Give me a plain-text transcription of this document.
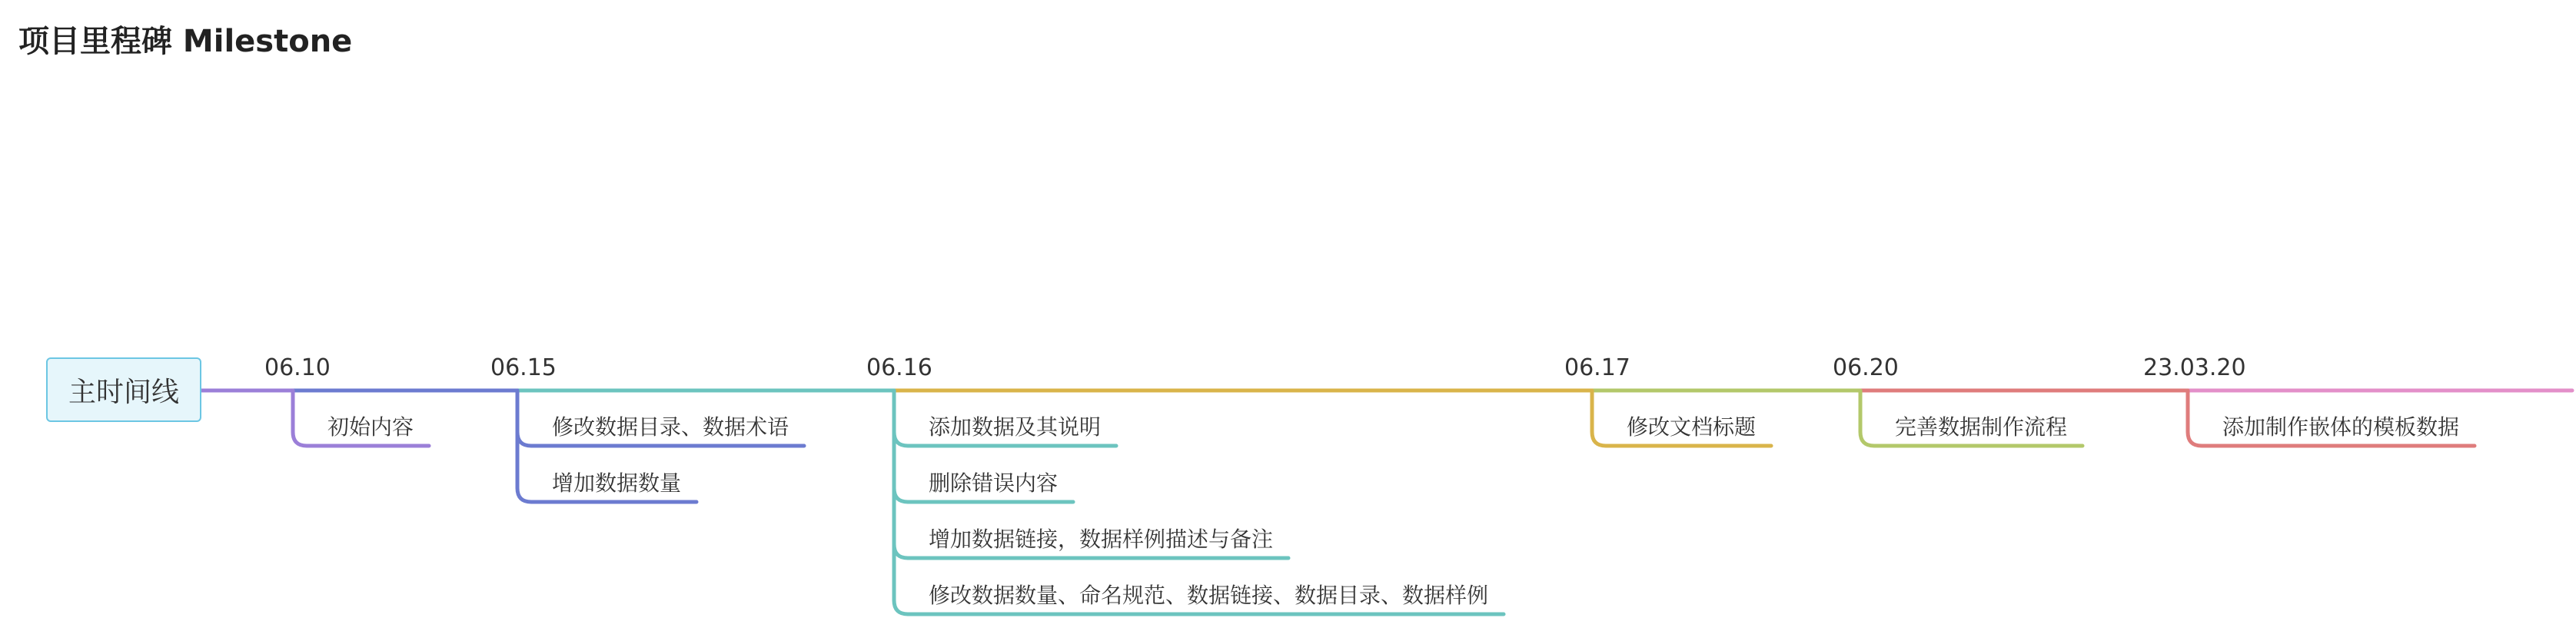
项目里程碑 Milestone
主时间线
06.10
初始内容
06.15
修改数据目录、数据术语
增加数据数量
06.16
添加数据及其说明
删除错误内容
增加数据链接，数据样例描述与备注
修改数据数量、命名规范、数据链接、数据目录、数据样例
06.17
修改文档标题
06.20
完善数据制作流程
23.03.20
添加制作嵌体的模板数据
